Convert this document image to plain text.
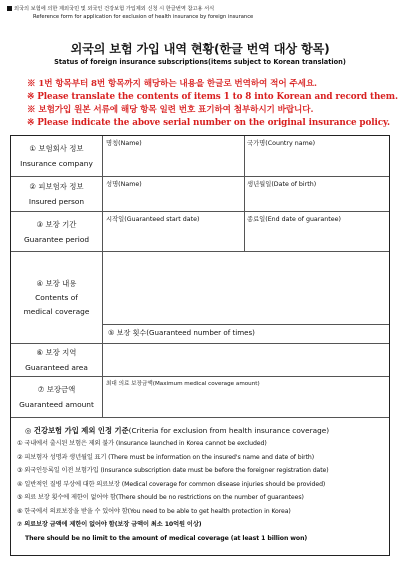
외국의 보험에 의한 제외국민 및 외국인 건강보험 가입제외 신청 시 한글번역 참고용 서식
Reference form for application for exclusion of health insurance by foreign insurance
외국의 보험 가입 내역 현황(한글 번역 대상 항목)
Status of foreign insurance subscriptions(items subject to Korean translation)
※ 1번 항목부터 8번 항목까지 해당하는 내용을 한글로 번역하여 적어 주세요.
※ Please translate the contents of items 1 to 8 into Korean and record them.
※ 보험가입 원본 서류에 해당 항목 일련 번호 표기하여 첨부하시기 바랍니다.
※ Please indicate the above serial number on the original insurance policy.
① 보험회사 정보
Insurance company
명칭(Name)	국가명(Country name)
② 피보험자 정보
Insured person
성명(Name)	생년월일(Date of birth)
③ 보장 기간
Guarantee period
시작일(Guaranteed start date)	종료일(End date of guarantee)
④ 보장 내용
Contents of
medical coverage
⑤ 보장 횟수(Guaranteed number of times)
⑥ 보장 지역
Guaranteed area
⑦ 보장금액
Guaranteed amount
최대 의료 보장금액(Maximum medical coverage amount)
◎ 건강보험 가입 제외 인정 기준(Criteria for exclusion from health insurance coverage)
① 국내에서 출시된 보험은 제외 불가 (Insurance launched in Korea cannot be excluded)
② 피보험자 성명과 생년월일 표기 (There must be information on the insured's name and date of birth)
③ 외국인등록일 이전 보험가입 (Insurance subscription date must be before the foreigner registration date)
④ 일반적인 질병 부상에 대한 의료보장 (Medical coverage for common disease injuries should be provided)
⑤ 의료 보장 횟수에 제한이 없어야 함(There should be no restrictions on the number of guarantees)
⑥ 한국에서 의료보장을 받을 수 있어야 함(You need to be able to get health protection in Korea)
⑦ 의료보장 금액에 제한이 없어야 함(보장 금액이 최소 10억원 이상)
There should be no limit to the amount of medical coverage (at least 1 billion won)
